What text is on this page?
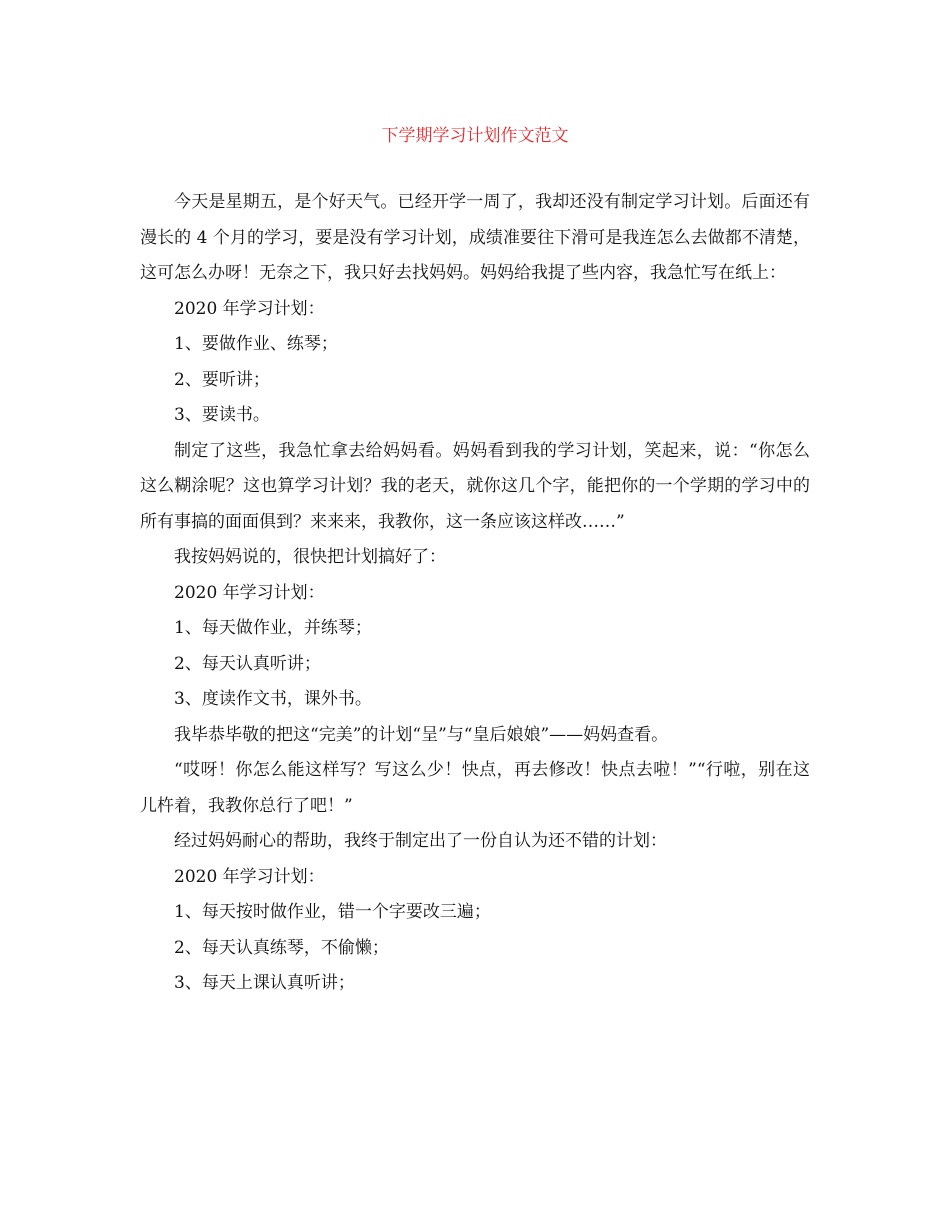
下学期学习计划作文范文

今天是星期五，是个好天气。已经开学一周了，我却还没有制定学习计划。后面还有漫长的 4 个月的学习，要是没有学习计划，成绩准要往下滑可是我连怎么去做都不清楚，这可怎么办呀！无奈之下，我只好去找妈妈。妈妈给我提了些内容，我急忙写在纸上：

2020 年学习计划：

1、要做作业、练琴；

2、要听讲；

3、要读书。

制定了这些，我急忙拿去给妈妈看。妈妈看到我的学习计划，笑起来，说：“你怎么这么糊涂呢？这也算学习计划？我的老天，就你这几个字，能把你的一个学期的学习中的所有事搞的面面俱到？来来来，我教你，这一条应该这样改……”

我按妈妈说的，很快把计划搞好了：

2020 年学习计划：

1、每天做作业，并练琴；

2、每天认真听讲；

3、度读作文书，课外书。

我毕恭毕敬的把这“完美”的计划“呈”与“皇后娘娘”——妈妈查看。

“哎呀！你怎么能这样写？写这么少！快点，再去修改！快点去啦！”“行啦，别在这儿杵着，我教你总行了吧！”

经过妈妈耐心的帮助，我终于制定出了一份自认为还不错的计划：

2020 年学习计划：

1、每天按时做作业，错一个字要改三遍；

2、每天认真练琴，不偷懒；

3、每天上课认真听讲；
